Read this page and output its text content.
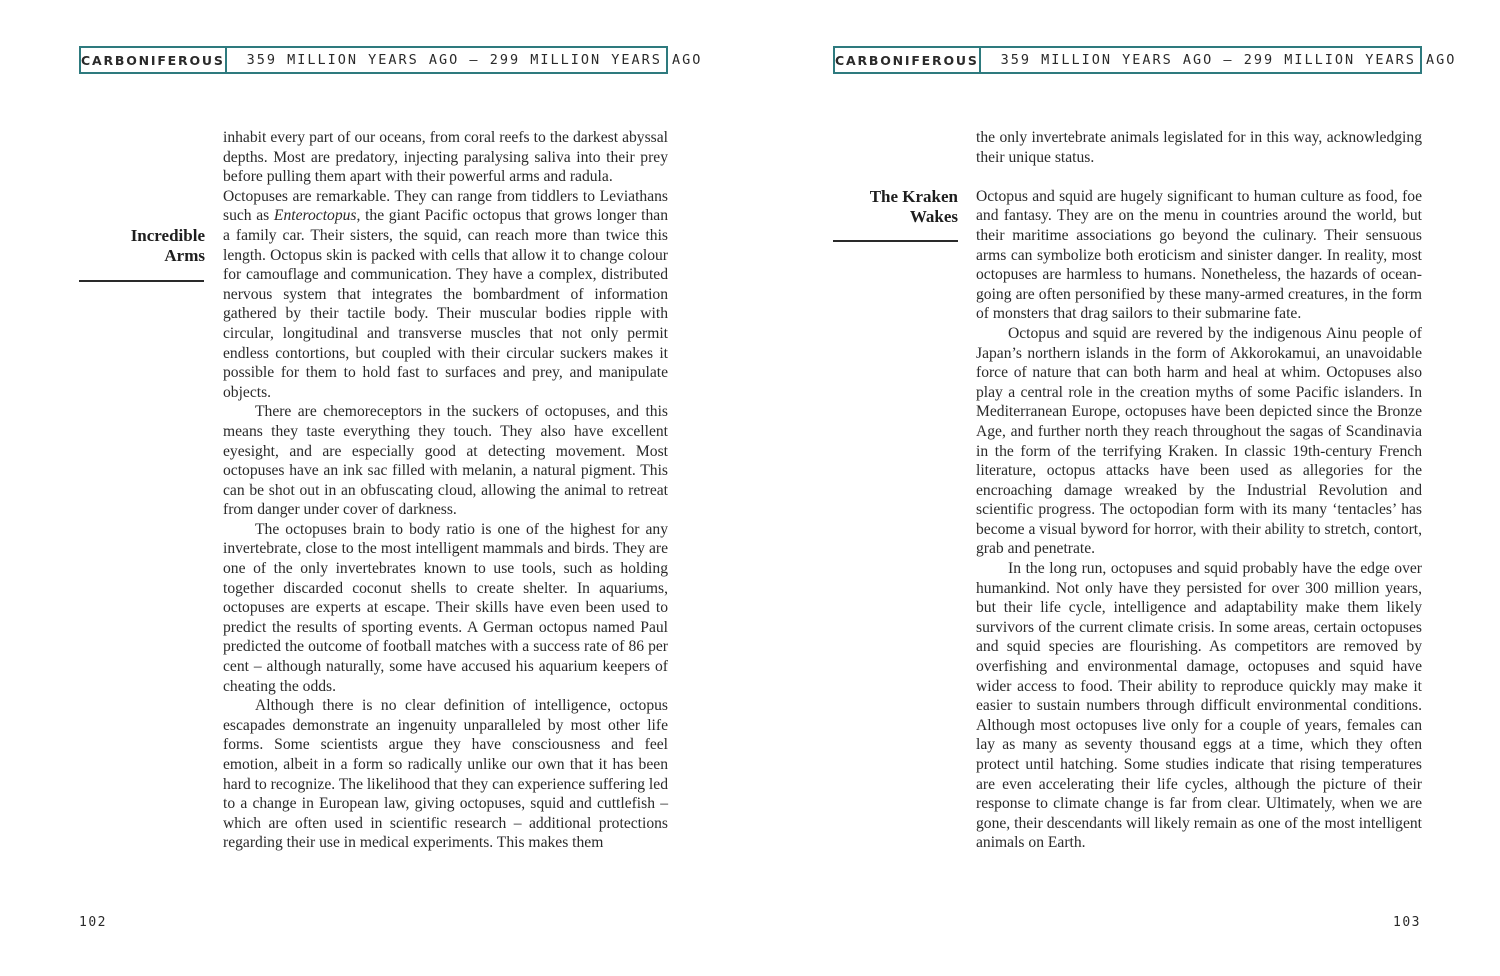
CARBONIFEROUS	359 MILLION YEARS AGO – 299 MILLION YEARS AGO
Incredible
Arms

inhabit every part of our oceans, from coral reefs to the darkest abyssal depths. Most are predatory, injecting paralysing saliva into their prey before pulling them apart with their powerful arms and radula.

Octopuses are remarkable. They can range from tiddlers to Leviathans such as Enteroctopus, the giant Pacific octopus that grows longer than a family car. Their sisters, the squid, can reach more than twice this length. Octopus skin is packed with cells that allow it to change colour for camouflage and communication. They have a complex, distributed nervous system that integrates the bombardment of information gathered by their tactile body. Their muscular bodies ripple with circular, longitudinal and transverse muscles that not only permit endless contortions, but coupled with their circular suckers makes it possible for them to hold fast to surfaces and prey, and manipulate objects.

There are chemoreceptors in the suckers of octopuses, and this means they taste everything they touch. They also have excellent eyesight, and are especially good at detecting movement. Most octopuses have an ink sac filled with melanin, a natural pigment. This can be shot out in an obfuscating cloud, allowing the animal to retreat from danger under cover of darkness.

The octopuses brain to body ratio is one of the highest for any invertebrate, close to the most intelligent mammals and birds. They are one of the only invertebrates known to use tools, such as holding together discarded coconut shells to create shelter. In aquariums, octopuses are experts at escape. Their skills have even been used to predict the results of sporting events. A German octopus named Paul predicted the outcome of football matches with a success rate of 86 per cent – although naturally, some have accused his aquarium keepers of cheating the odds.

Although there is no clear definition of intelligence, octopus escapades demonstrate an ingenuity unparalleled by most other life forms. Some scientists argue they have consciousness and feel emotion, albeit in a form so radically unlike our own that it has been hard to recognize. The likelihood that they can experience suffering led to a change in European law, giving octopuses, squid and cuttlefish – which are often used in scientific research – additional protections regarding their use in medical experiments. This makes them

102
CARBONIFEROUS	359 MILLION YEARS AGO – 299 MILLION YEARS AGO
The Kraken
Wakes

the only invertebrate animals legislated for in this way, acknowledging their unique status.

Octopus and squid are hugely significant to human culture as food, foe and fantasy. They are on the menu in countries around the world, but their maritime associations go beyond the culinary. Their sensuous arms can symbolize both eroticism and sinister danger. In reality, most octopuses are harmless to humans. Nonetheless, the hazards of ocean-going are often personified by these many-armed creatures, in the form of monsters that drag sailors to their submarine fate.

Octopus and squid are revered by the indigenous Ainu people of Japan’s northern islands in the form of Akkorokamui, an unavoidable force of nature that can both harm and heal at whim. Octopuses also play a central role in the creation myths of some Pacific islanders. In Mediterranean Europe, octopuses have been depicted since the Bronze Age, and further north they reach throughout the sagas of Scandinavia in the form of the terrifying Kraken. In classic 19th-century French literature, octopus attacks have been used as allegories for the encroaching damage wreaked by the Industrial Revolution and scientific progress. The octopodian form with its many ‘tentacles’ has become a visual byword for horror, with their ability to stretch, contort, grab and penetrate.

In the long run, octopuses and squid probably have the edge over humankind. Not only have they persisted for over 300 million years, but their life cycle, intelligence and adaptability make them likely survivors of the current climate crisis. In some areas, certain octopuses and squid species are flourishing. As competitors are removed by overfishing and environmental damage, octopuses and squid have wider access to food. Their ability to reproduce quickly may make it easier to sustain numbers through difficult environmental conditions. Although most octopuses live only for a couple of years, females can lay as many as seventy thousand eggs at a time, which they often protect until hatching. Some studies indicate that rising temperatures are even accelerating their life cycles, although the picture of their response to climate change is far from clear. Ultimately, when we are gone, their descendants will likely remain as one of the most intelligent animals on Earth.

103
